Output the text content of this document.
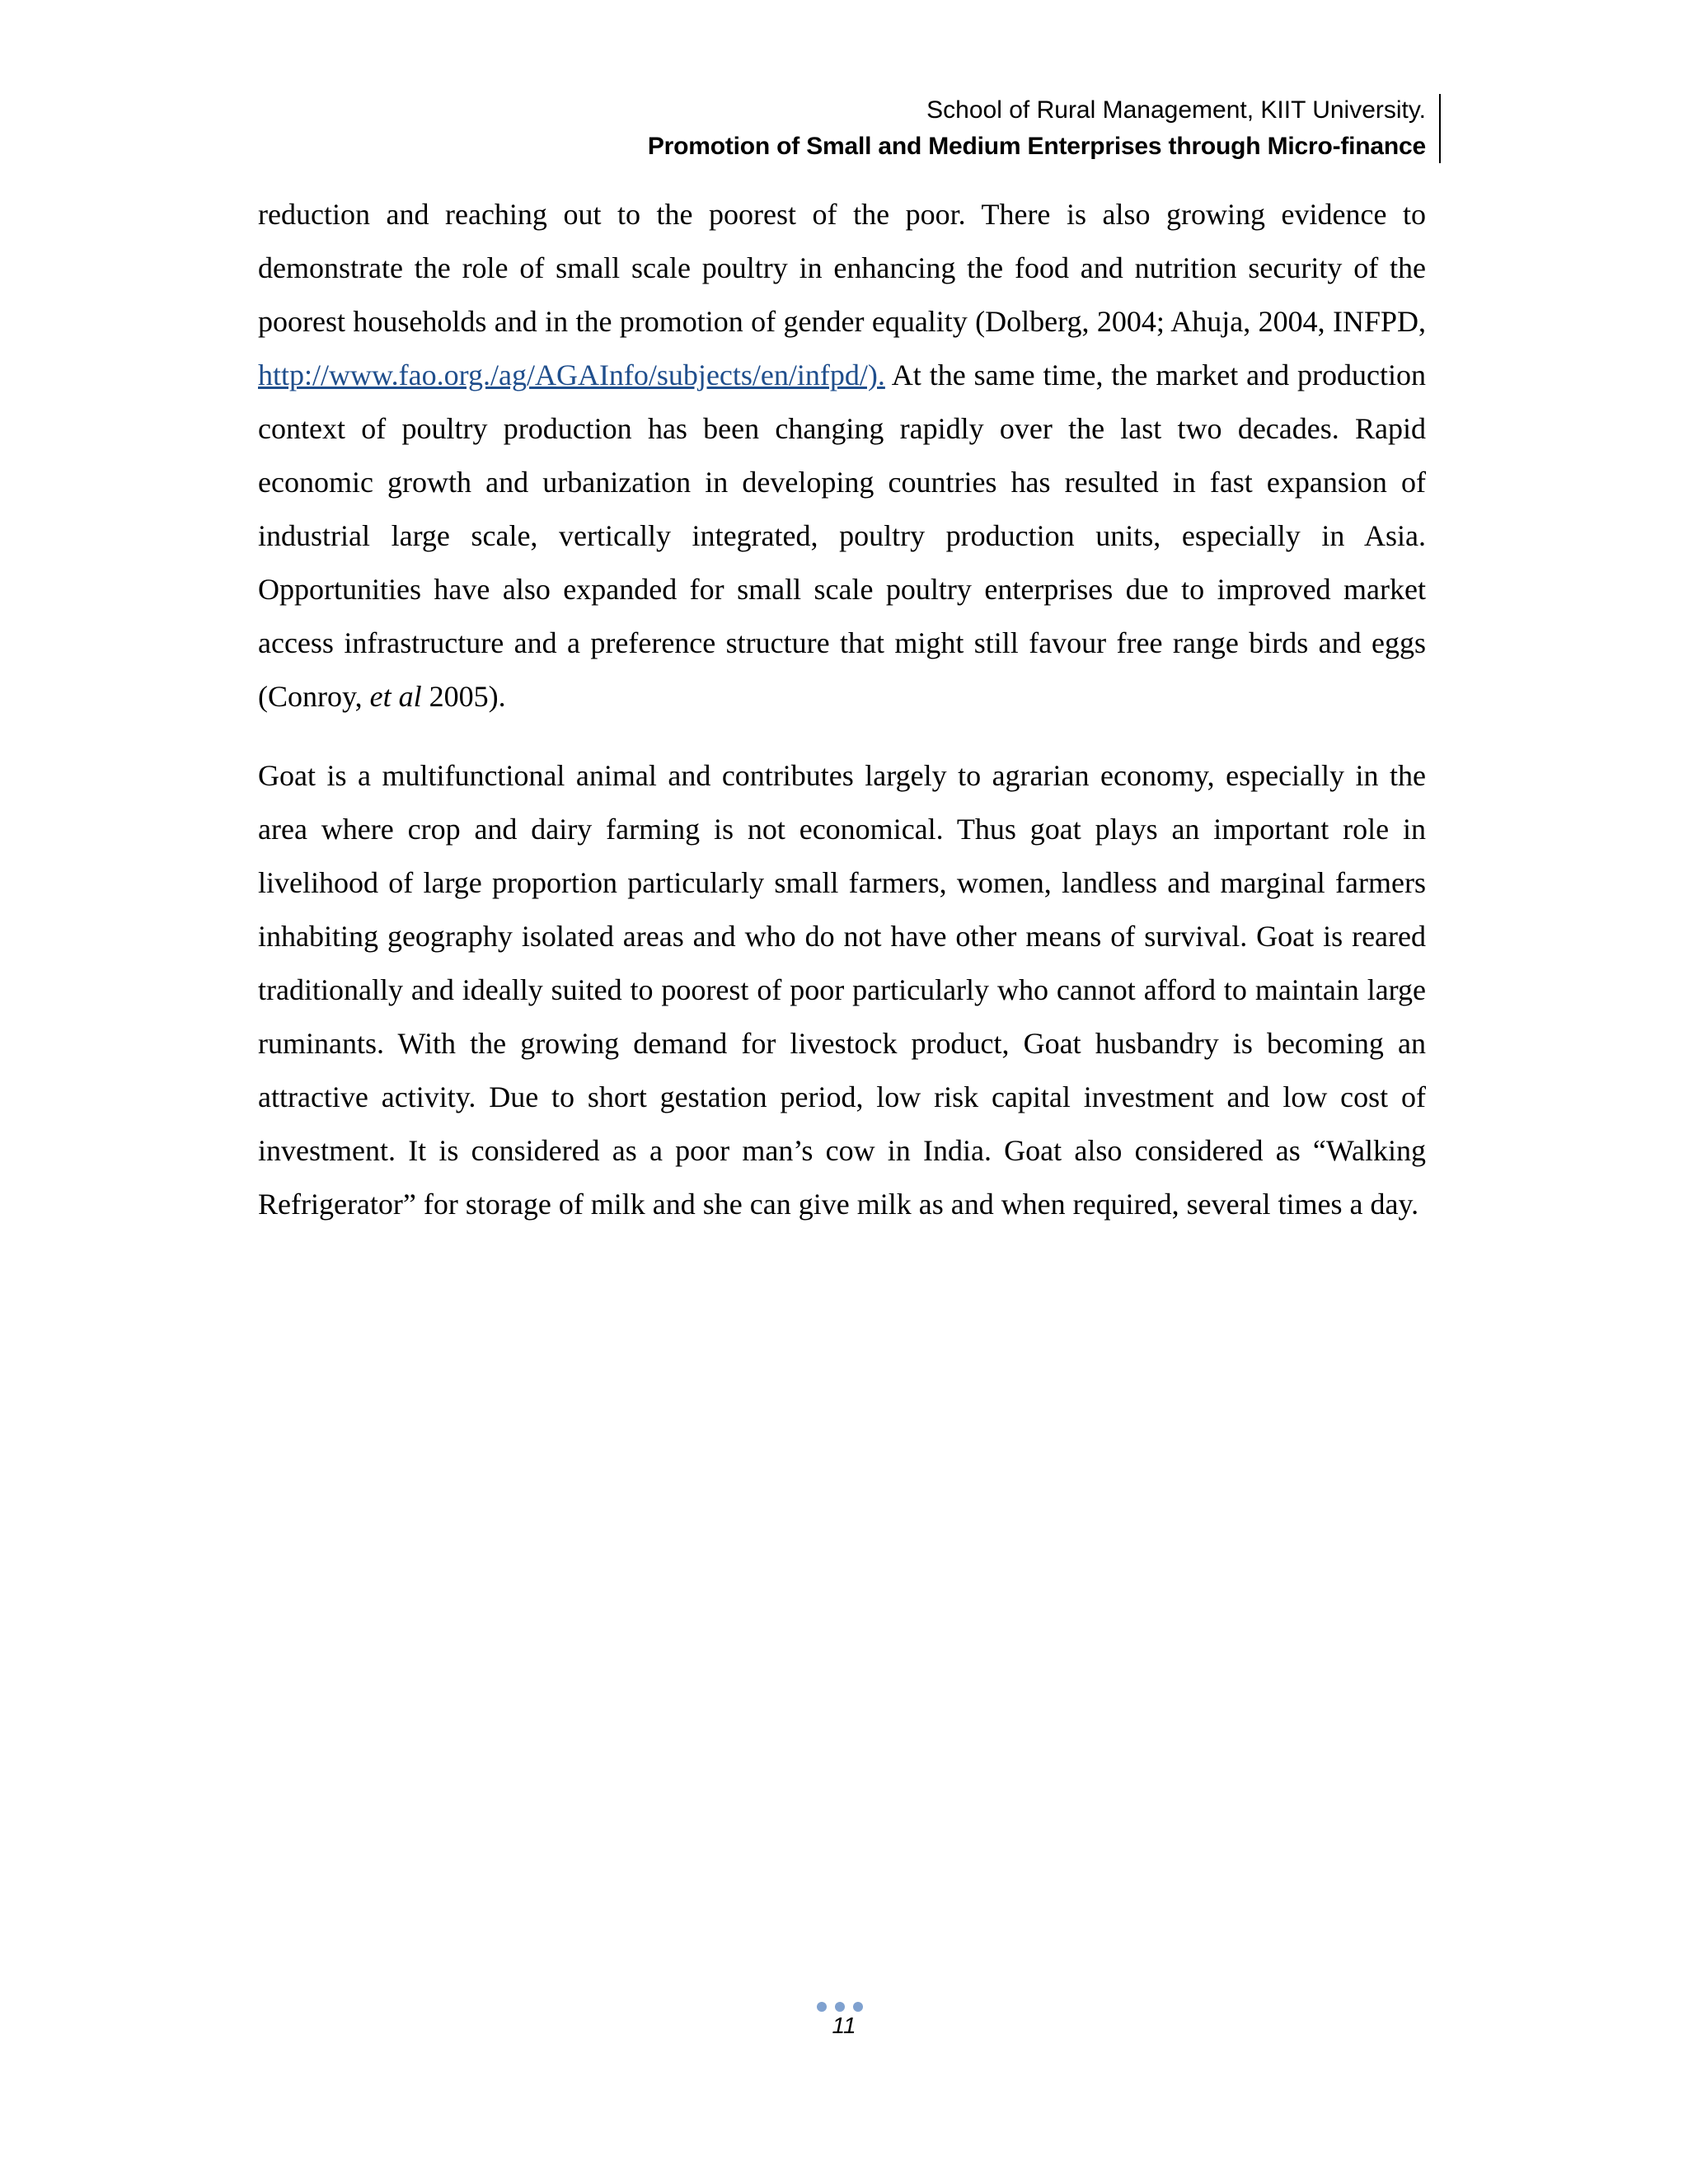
School of Rural Management, KIIT University.
Promotion of Small and Medium Enterprises through Micro-finance

reduction and reaching out to the poorest of the poor. There is also growing evidence to demonstrate the role of small scale poultry in enhancing the food and nutrition security of the poorest households and in the promotion of gender equality (Dolberg, 2004; Ahuja, 2004, INFPD, http://www.fao.org./ag/AGAInfo/subjects/en/infpd/). At the same time, the market and production context of poultry production has been changing rapidly over the last two decades. Rapid economic growth and urbanization in developing countries has resulted in fast expansion of industrial large scale, vertically integrated, poultry production units, especially in Asia. Opportunities have also expanded for small scale poultry enterprises due to improved market access infrastructure and a preference structure that might still favour free range birds and eggs (Conroy, et al 2005).

Goat is a multifunctional animal and contributes largely to agrarian economy, especially in the area where crop and dairy farming is not economical. Thus goat plays an important role in livelihood of large proportion particularly small farmers, women, landless and marginal farmers inhabiting geography isolated areas and who do not have other means of survival. Goat is reared traditionally and ideally suited to poorest of poor particularly who cannot afford to maintain large ruminants. With the growing demand for livestock product, Goat husbandry is becoming an attractive activity. Due to short gestation period, low risk capital investment and low cost of investment. It is considered as a poor man’s cow in India. Goat also considered as “Walking Refrigerator” for storage of milk and she can give milk as and when required, several times a day.

11
